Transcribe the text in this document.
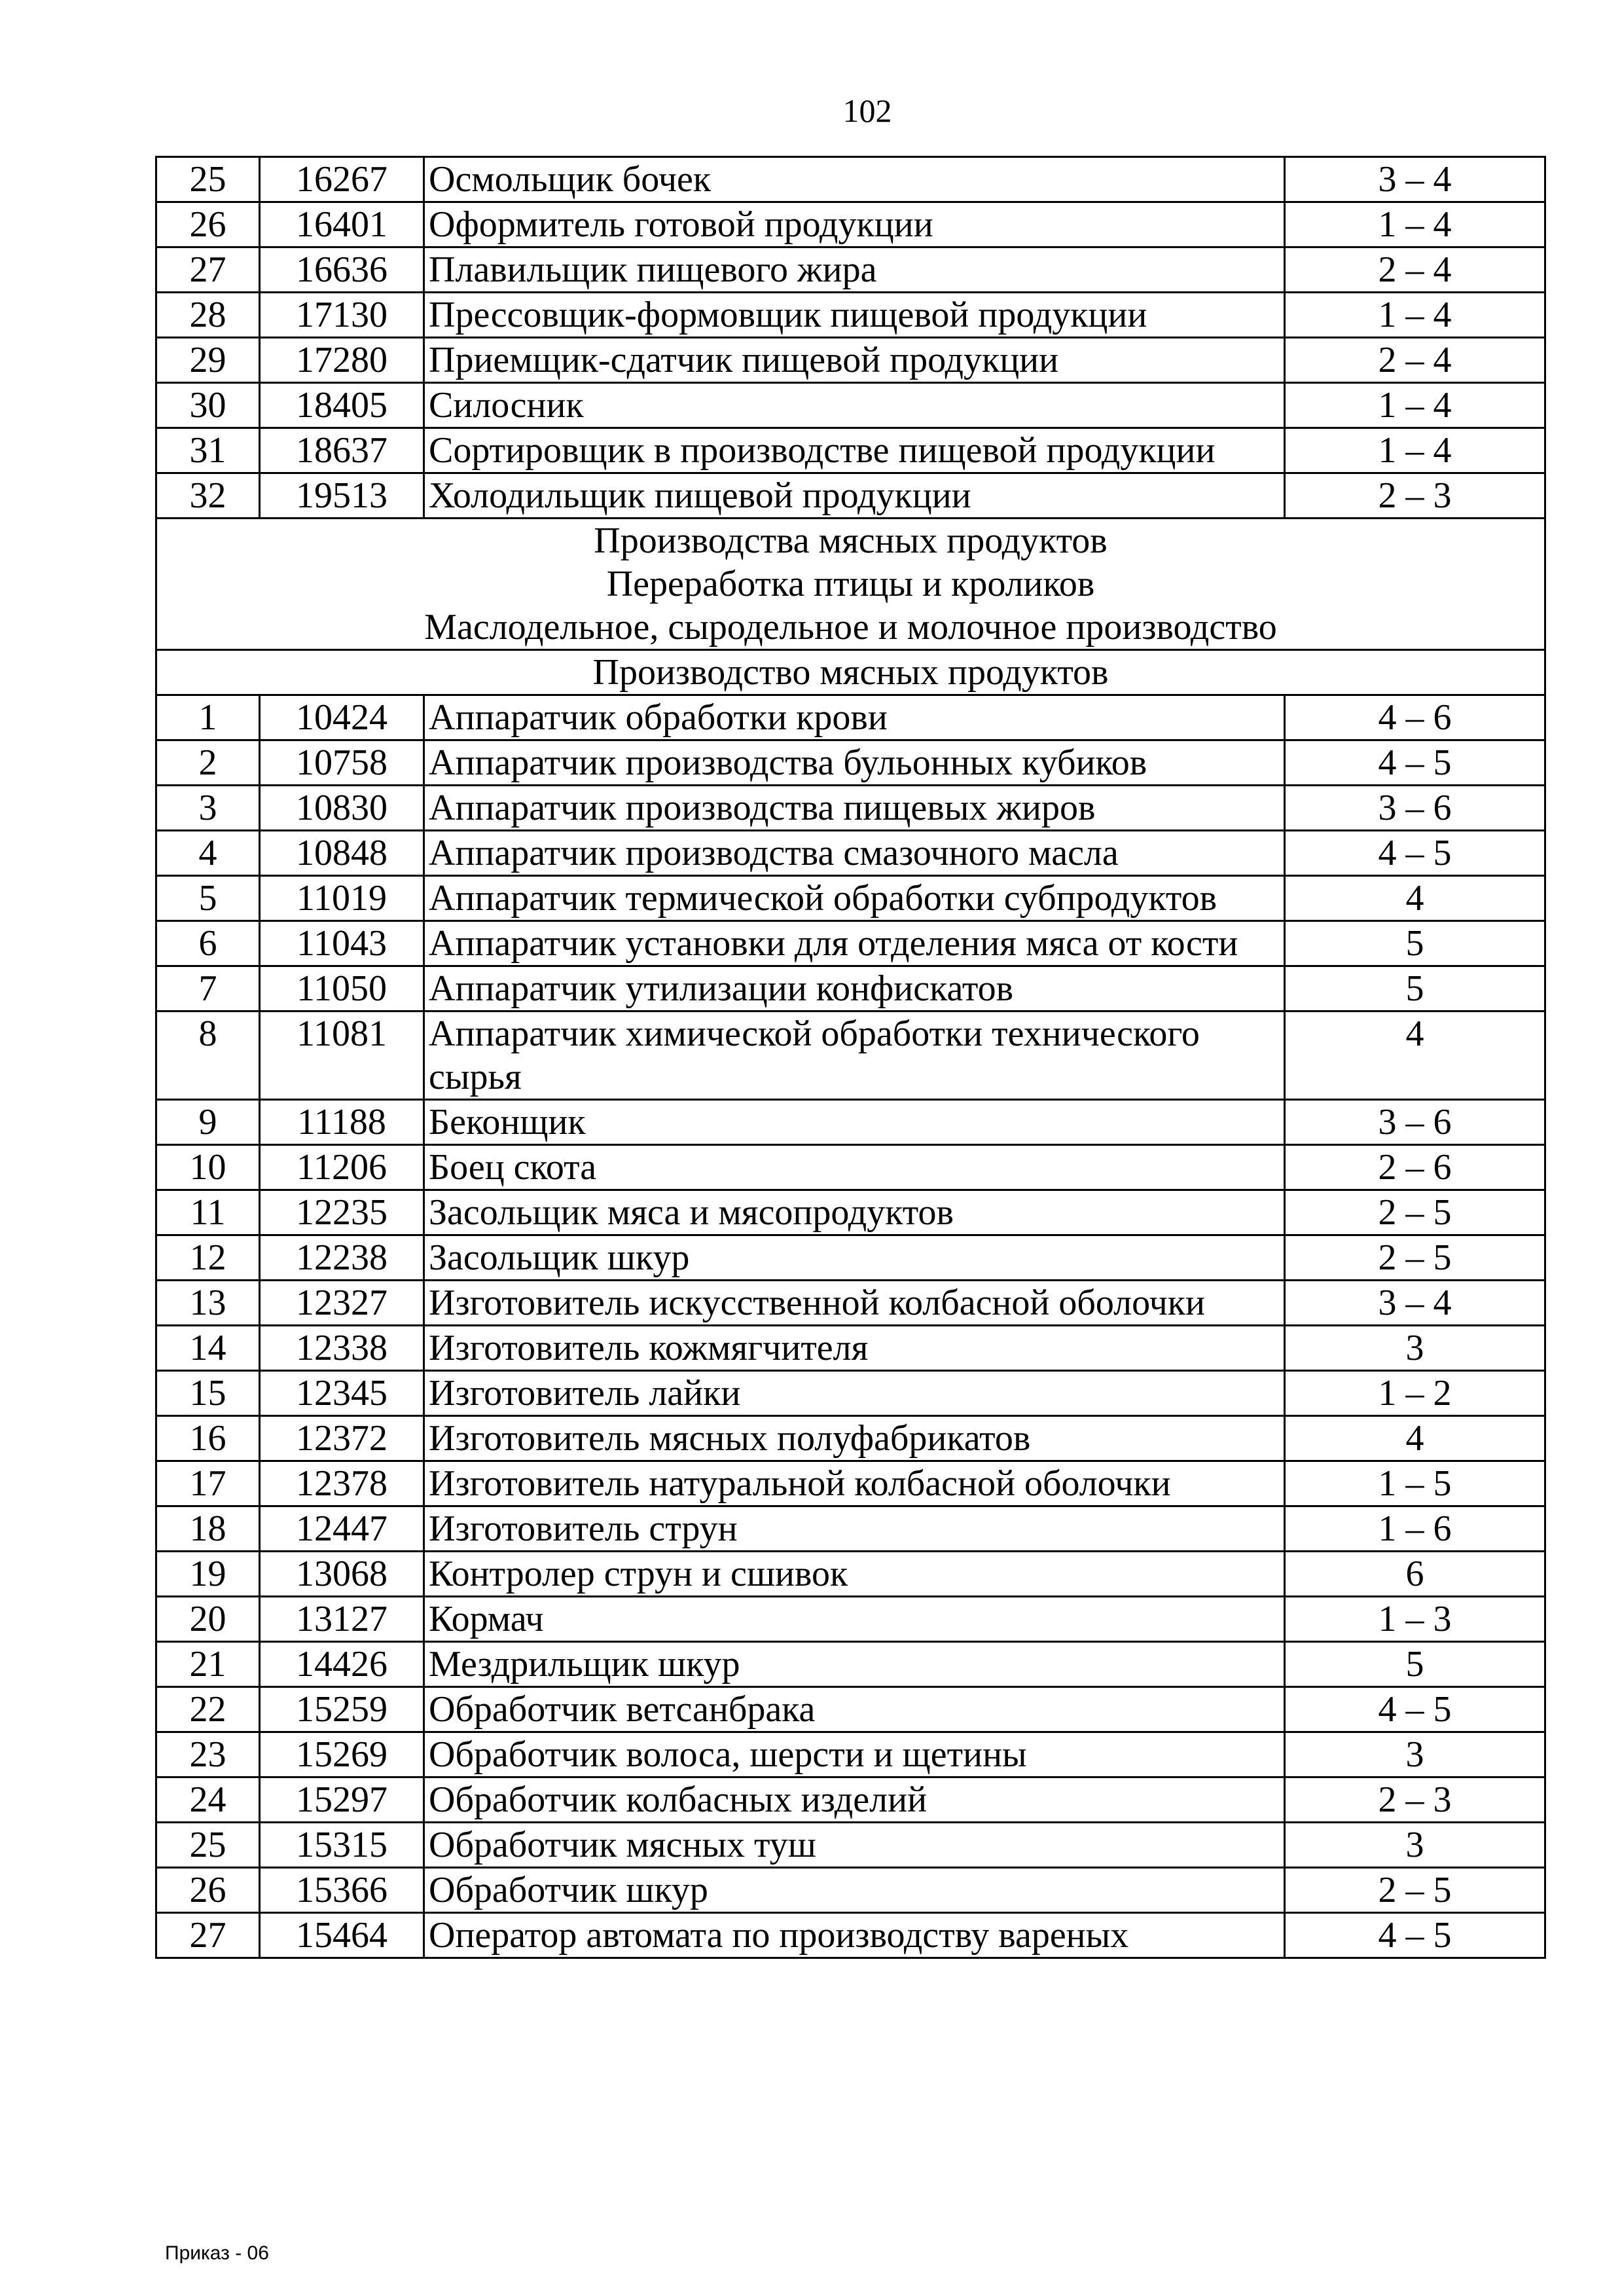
102
25	16267	Осмольщик бочек	3 – 4
26	16401	Оформитель готовой продукции	1 – 4
27	16636	Плавильщик пищевого жира	2 – 4
28	17130	Прессовщик-формовщик пищевой продукции	1 – 4
29	17280	Приемщик-сдатчик пищевой продукции	2 – 4
30	18405	Силосник	1 – 4
31	18637	Сортировщик в производстве пищевой продукции	1 – 4
32	19513	Холодильщик пищевой продукции	2 – 3

Производства мясных продуктов
Переработка птицы и кроликов
Маслодельное, сыродельное и молочное производство			

Производство мясных продуктов			
1	10424	Аппаратчик обработки крови	4 – 6
2	10758	Аппаратчик производства бульонных кубиков	4 – 5
3	10830	Аппаратчик производства пищевых жиров	3 – 6
4	10848	Аппаратчик производства смазочного масла	4 – 5
5	11019	Аппаратчик термической обработки субпродуктов	4
6	11043	Аппаратчик установки для отделения мяса от кости	5
7	11050	Аппаратчик утилизации конфискатов	5
8	11081	Аппаратчик химической обработки технического сырья	4
9	11188	Беконщик	3 – 6
10	11206	Боец скота	2 – 6
11	12235	Засольщик мяса и мясопродуктов	2 – 5
12	12238	Засольщик шкур	2 – 5
13	12327	Изготовитель искусственной колбасной оболочки	3 – 4
14	12338	Изготовитель кожмягчителя	3
15	12345	Изготовитель лайки	1 – 2
16	12372	Изготовитель мясных полуфабрикатов	4
17	12378	Изготовитель натуральной колбасной оболочки	1 – 5
18	12447	Изготовитель струн	1 – 6
19	13068	Контролер струн и сшивок	6
20	13127	Кормач	1 – 3
21	14426	Мездрильщик шкур	5
22	15259	Обработчик ветсанбрака	4 – 5
23	15269	Обработчик волоса, шерсти и щетины	3
24	15297	Обработчик колбасных изделий	2 – 3
25	15315	Обработчик мясных туш	3
26	15366	Обработчик шкур	2 – 5
27	15464	Оператор автомата по производству вареных	4 – 5
Приказ - 06
